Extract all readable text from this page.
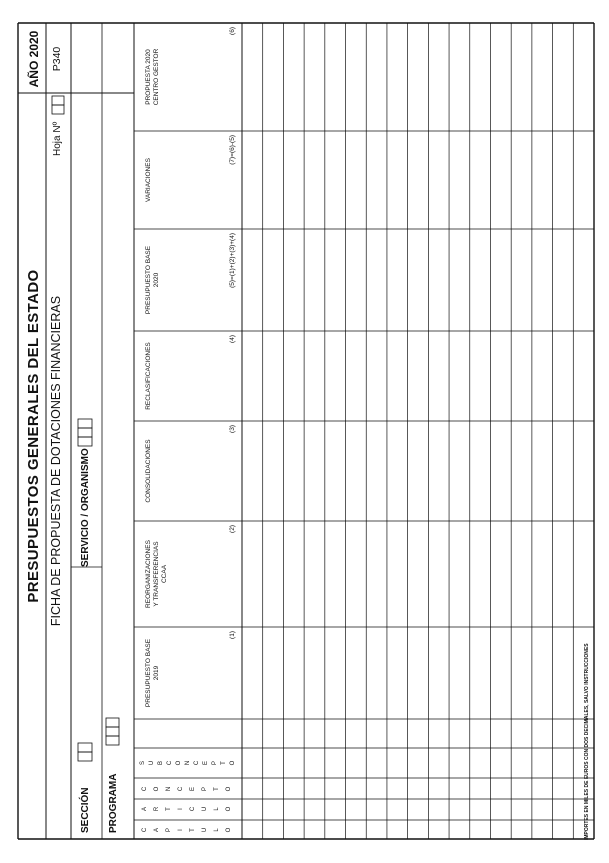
PRESUPUESTOS GENERALES DEL ESTADO FICHA DE PROPUESTA DE DOTACIONES FINANCIERAS
AÑO 2020 P340
Hoja Nº
SECCIÓN PROGRAMA
SERVICIO / ORGANISMO
C A P I T U L O
A R T I C U L O
C O N C E P T O
S U B C O N C E P T O
PRESUPUESTO BASE 2019
(1)
REORGANIZACIONES Y TRANSFERENCIAS CCAA
(2)
CONSOLIDACIONES
(3)
RECLASIFICACIONES
(4)
PRESUPUESTO BASE 2020	(5)=(1)+(2)+(3)+(4)
VARIACIONES
(7)=(6)-(5)
PROPUESTA 2020 CENTRO GESTOR
(6)
IMPORTES EN MILES DE EUROS CON DOS DECIMALES, SALVO INSTRUCCIONES
